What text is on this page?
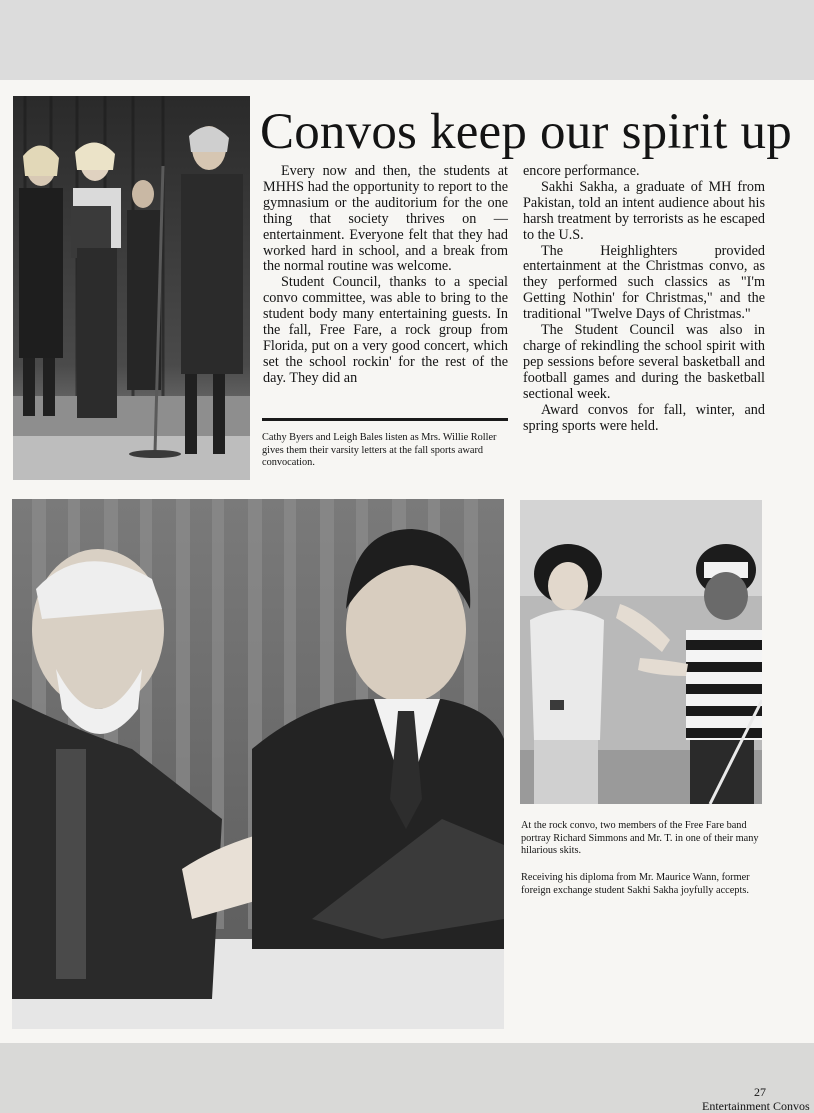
Convos keep our spirit up

Every now and then, the students at MHHS had the opportunity to report to the gymnasium or the auditorium for the one thing that society thrives on — entertainment. Everyone felt that they had worked hard in school, and a break from the normal routine was welcome.

Student Council, thanks to a special convo committee, was able to bring to the student body many entertaining guests. In the fall, Free Fare, a rock group from Florida, put on a very good concert, which set the school rockin' for the rest of the day. They did an

Cathy Byers and Leigh Bales listen as Mrs. Willie Roller gives them their varsity letters at the fall sports award convocation.

encore performance.

Sakhi Sakha, a graduate of MH from Pakistan, told an intent audience about his harsh treatment by terrorists as he escaped to the U.S.

The Heighlighters provided entertainment at the Christmas convo, as they performed such classics as "I'm Getting Nothin' for Christmas," and the traditional "Twelve Days of Christmas."

The Student Council was also in charge of rekindling the school spirit with pep sessions before several basketball and football games and during the basketball sectional week.

Award convos for fall, winter, and spring sports were held.

At the rock convo, two members of the Free Fare band portray Richard Simmons and Mr. T. in one of their many hilarious skits.

Receiving his diploma from Mr. Maurice Wann, former foreign exchange student Sakhi Sakha joyfully accepts.

27

Entertainment Convos
